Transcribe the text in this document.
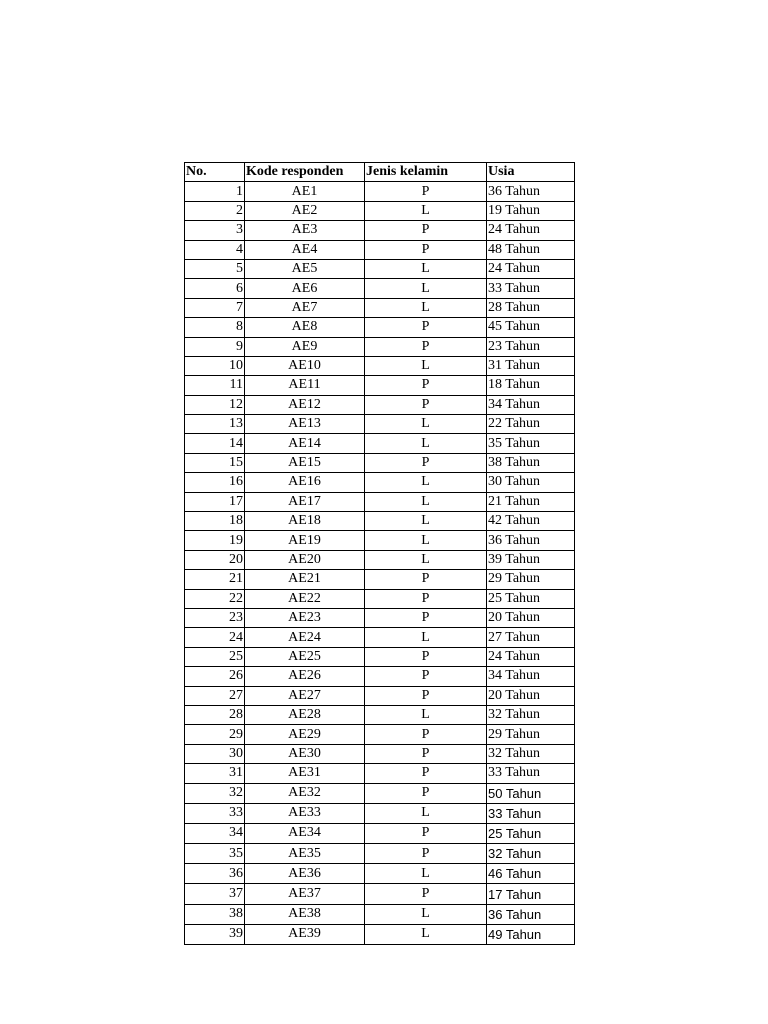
No.	Kode responden	Jenis kelamin	Usia
1	AE1	P	36 Tahun
2	AE2	L	19 Tahun
3	AE3	P	24 Tahun
4	AE4	P	48 Tahun
5	AE5	L	24 Tahun
6	AE6	L	33 Tahun
7	AE7	L	28 Tahun
8	AE8	P	45 Tahun
9	AE9	P	23 Tahun
10	AE10	L	31 Tahun
11	AE11	P	18 Tahun
12	AE12	P	34 Tahun
13	AE13	L	22 Tahun
14	AE14	L	35 Tahun
15	AE15	P	38 Tahun
16	AE16	L	30 Tahun
17	AE17	L	21 Tahun
18	AE18	L	42 Tahun
19	AE19	L	36 Tahun
20	AE20	L	39 Tahun
21	AE21	P	29 Tahun
22	AE22	P	25 Tahun
23	AE23	P	20 Tahun
24	AE24	L	27 Tahun
25	AE25	P	24 Tahun
26	AE26	P	34 Tahun
27	AE27	P	20 Tahun
28	AE28	L	32 Tahun
29	AE29	P	29 Tahun
30	AE30	P	32 Tahun
31	AE31	P	33 Tahun
32	AE32	P	50 Tahun
33	AE33	L	33 Tahun
34	AE34	P	25 Tahun
35	AE35	P	32 Tahun
36	AE36	L	46 Tahun
37	AE37	P	17 Tahun
38	AE38	L	36 Tahun
39	AE39	L	49 Tahun
